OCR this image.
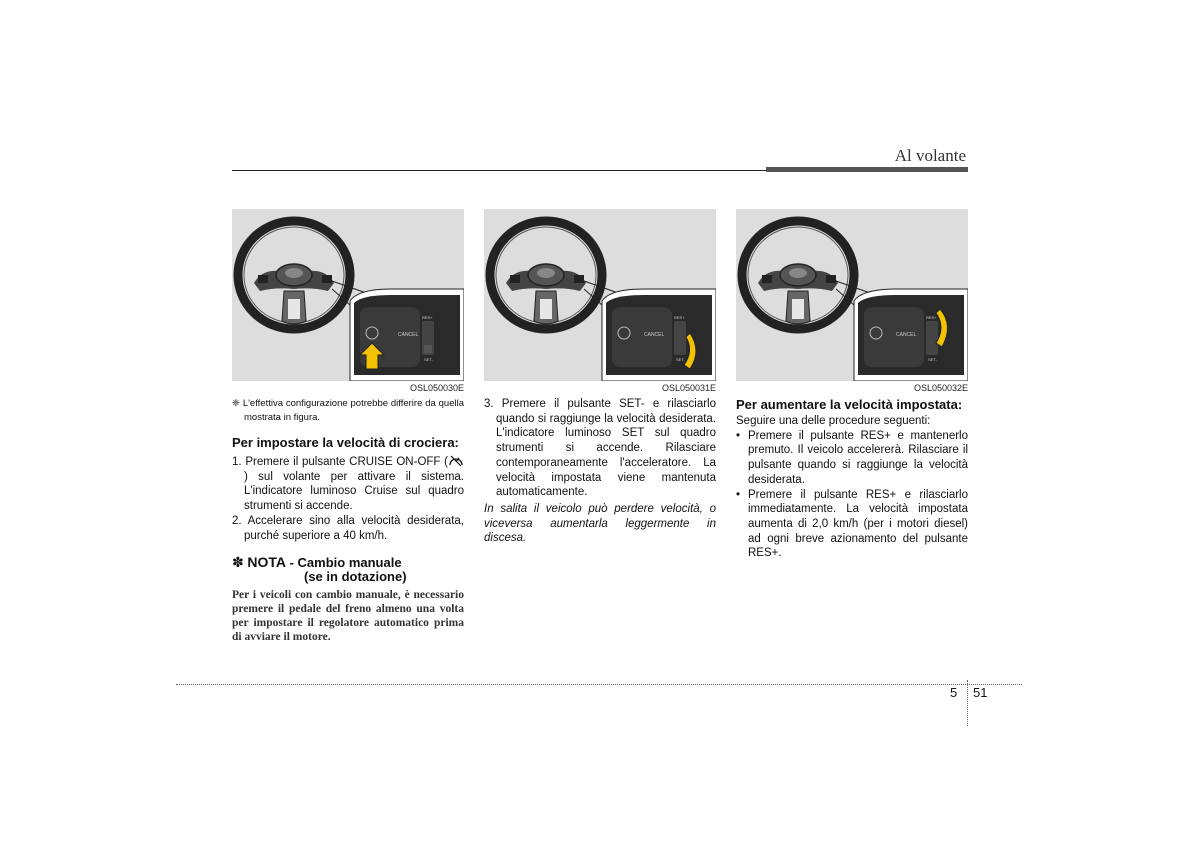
Al volante
CANCEL
RES+
SET-
OSL050030E
❈ L'effettiva configurazione potrebbe differire da quella mostrata in figura.
Per impostare la velocità di crociera:
1. Premere il pulsante CRUISE ON-OFF () sul volante per attivare il sistema. L'indicatore luminoso Cruise sul quadro strumenti si accende.
2. Accelerare sino alla velocità desiderata, purché superiore a 40 km/h.
✽ NOTA - Cambio manuale
(se in dotazione)
Per i veicoli con cambio manuale, è necessario premere il pedale del freno almeno una volta per impostare il regolatore automatico prima di avviare il motore.
CANCEL
RES+
SET-
OSL050031E
3. Premere il pulsante SET- e rilasciarlo quando si raggiunge la velocità desiderata. L'indicatore luminoso SET sul quadro strumenti si accende. Rilasciare contemporaneamente l'acceleratore. La velocità impostata viene mantenuta automaticamente.
In salita il veicolo può perdere velocità, o viceversa aumentarla leggermente in discesa.
CANCEL
RES+
SET-
OSL050032E
Per aumentare la velocità impostata:
Seguire una delle procedure seguenti:
• Premere il pulsante RES+ e mantenerlo premuto. Il veicolo accelererà. Rilasciare il pulsante quando si raggiunge la velocità desiderata.
• Premere il pulsante RES+ e rilasciarlo immediatamente. La velocità impostata aumenta di 2,0 km/h (per i motori diesel) ad ogni breve azionamento del pulsante RES+.
5 51
